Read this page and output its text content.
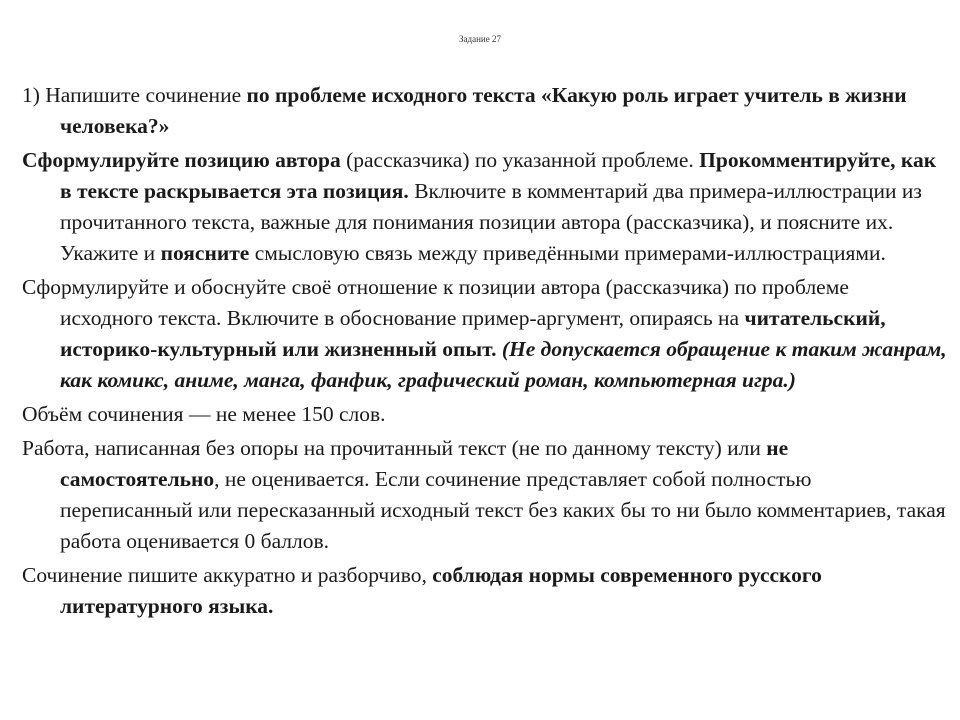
Задание 27

1) Напишите сочинение по проблеме исходного текста «Какую роль играет учитель в жизни человека?»

Сформулируйте позицию автора (рассказчика) по указанной проблеме. Прокомментируйте, как в тексте раскрывается эта позиция. Включите в комментарий два примера-иллюстрации из прочитанного текста, важные для понимания позиции автора (рассказчика), и поясните их. Укажите и поясните смысловую связь между приведёнными примерами-иллюстрациями.

Сформулируйте и обоснуйте своё отношение к позиции автора (рассказчика) по проблеме исходного текста. Включите в обоснование пример-аргумент, опираясь на читательский, историко-культурный или жизненный опыт. (Не допускается обращение к таким жанрам, как комикс, аниме, манга, фанфик, графический роман, компьютерная игра.)

Объём сочинения — не менее 150 слов.

Работа, написанная без опоры на прочитанный текст (не по данному тексту) или не самостоятельно, не оценивается. Если сочинение представляет собой полностью переписанный или пересказанный исходный текст без каких бы то ни было комментариев, такая работа оценивается 0 баллов.

Сочинение пишите аккуратно и разборчиво, соблюдая нормы современного русского литературного языка.
